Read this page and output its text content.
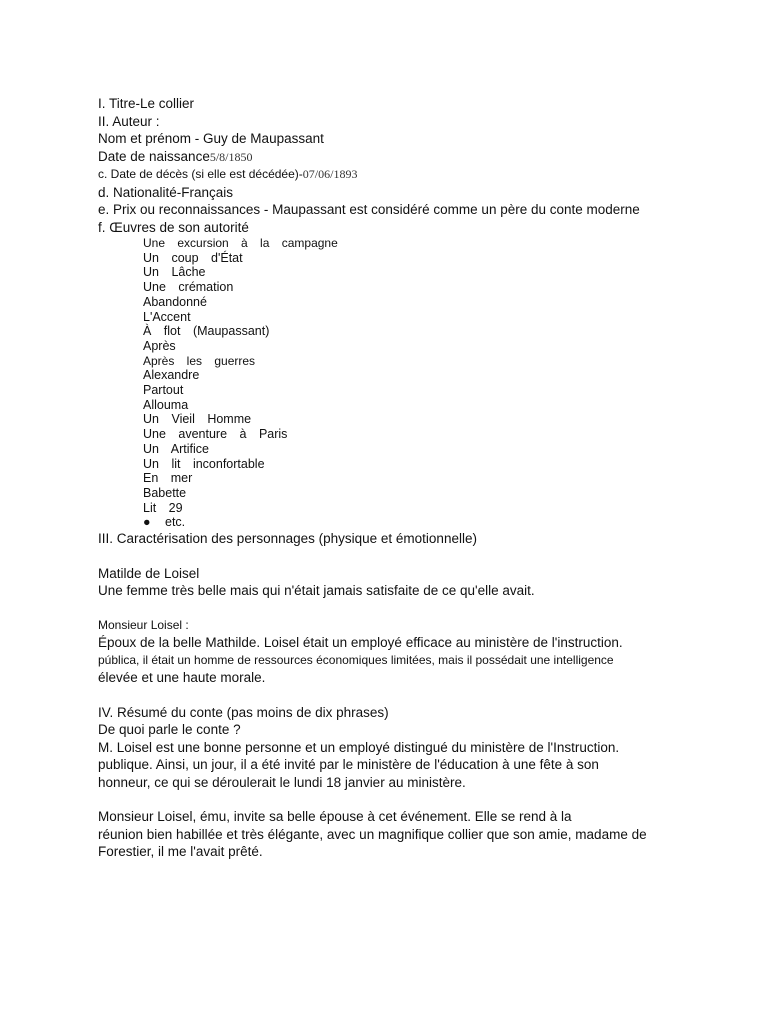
I. Titre-Le collier
II. Auteur :
Nom et prénom - Guy de Maupassant
Date de naissance5/8/1850
c. Date de décès (si elle est décédée)-07/06/1893
d. Nationalité-Français
e. Prix ou reconnaissances - Maupassant est considéré comme un père du conte moderne
f. Œuvres de son autorité
Une excursion à la campagne
Un coup d'État
Un Lâche
Une crémation
Abandonné
L'Accent
À flot (Maupassant)
Après
Après les guerres
Alexandre
Partout
Allouma
Un Vieil Homme
Une aventure à Paris
Un Artifice
Un lit inconfortable
En mer
Babette
Lit 29
● etc.
III. Caractérisation des personnages (physique et émotionnelle)
Matilde de Loisel
Une femme très belle mais qui n'était jamais satisfaite de ce qu'elle avait.
Monsieur Loisel :
Époux de la belle Mathilde. Loisel était un employé efficace au ministère de l'instruction.
pública, il était un homme de ressources économiques limitées, mais il possédait une intelligence
élevée et une haute morale.
IV. Résumé du conte (pas moins de dix phrases)
De quoi parle le conte ?
M. Loisel est une bonne personne et un employé distingué du ministère de l'Instruction.
publique. Ainsi, un jour, il a été invité par le ministère de l'éducation à une fête à son
honneur, ce qui se déroulerait le lundi 18 janvier au ministère.
Monsieur Loisel, ému, invite sa belle épouse à cet événement. Elle se rend à la
réunion bien habillée et très élégante, avec un magnifique collier que son amie, madame de
Forestier, il me l'avait prêté.
